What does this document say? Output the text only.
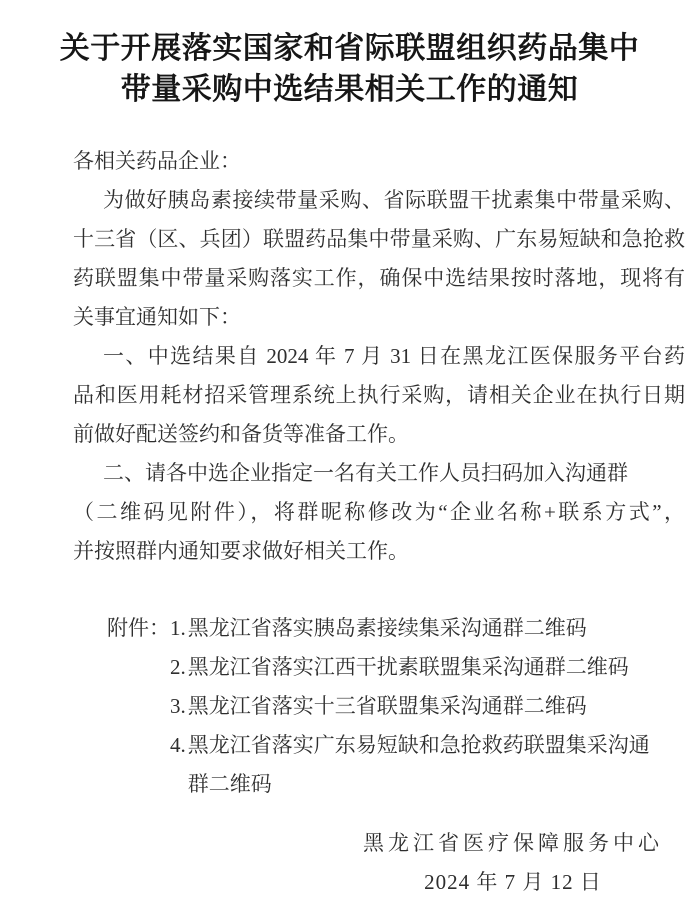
关于开展落实国家和省际联盟组织药品集中
带量采购中选结果相关工作的通知
各相关药品企业：
为做好胰岛素接续带量采购、省际联盟干扰素集中带量采购、
十三省（区、兵团）联盟药品集中带量采购、广东易短缺和急抢救
药联盟集中带量采购落实工作，确保中选结果按时落地，现将有
关事宜通知如下：
一、中选结果自 2024 年 7 月 31 日在黑龙江医保服务平台药
品和医用耗材招采管理系统上执行采购，请相关企业在执行日期
前做好配送签约和备货等准备工作。
二、请各中选企业指定一名有关工作人员扫码加入沟通群
（二维码见附件），将群昵称修改为“企业名称+联系方式”，
并按照群内通知要求做好相关工作。
附件： 1. 黑龙江省落实胰岛素接续集采沟通群二维码
2. 黑龙江省落实江西干扰素联盟集采沟通群二维码
3. 黑龙江省落实十三省联盟集采沟通群二维码
4. 黑龙江省落实广东易短缺和急抢救药联盟集采沟通群二维码
黑龙江省医疗保障服务中心
2024 年 7 月 12 日
